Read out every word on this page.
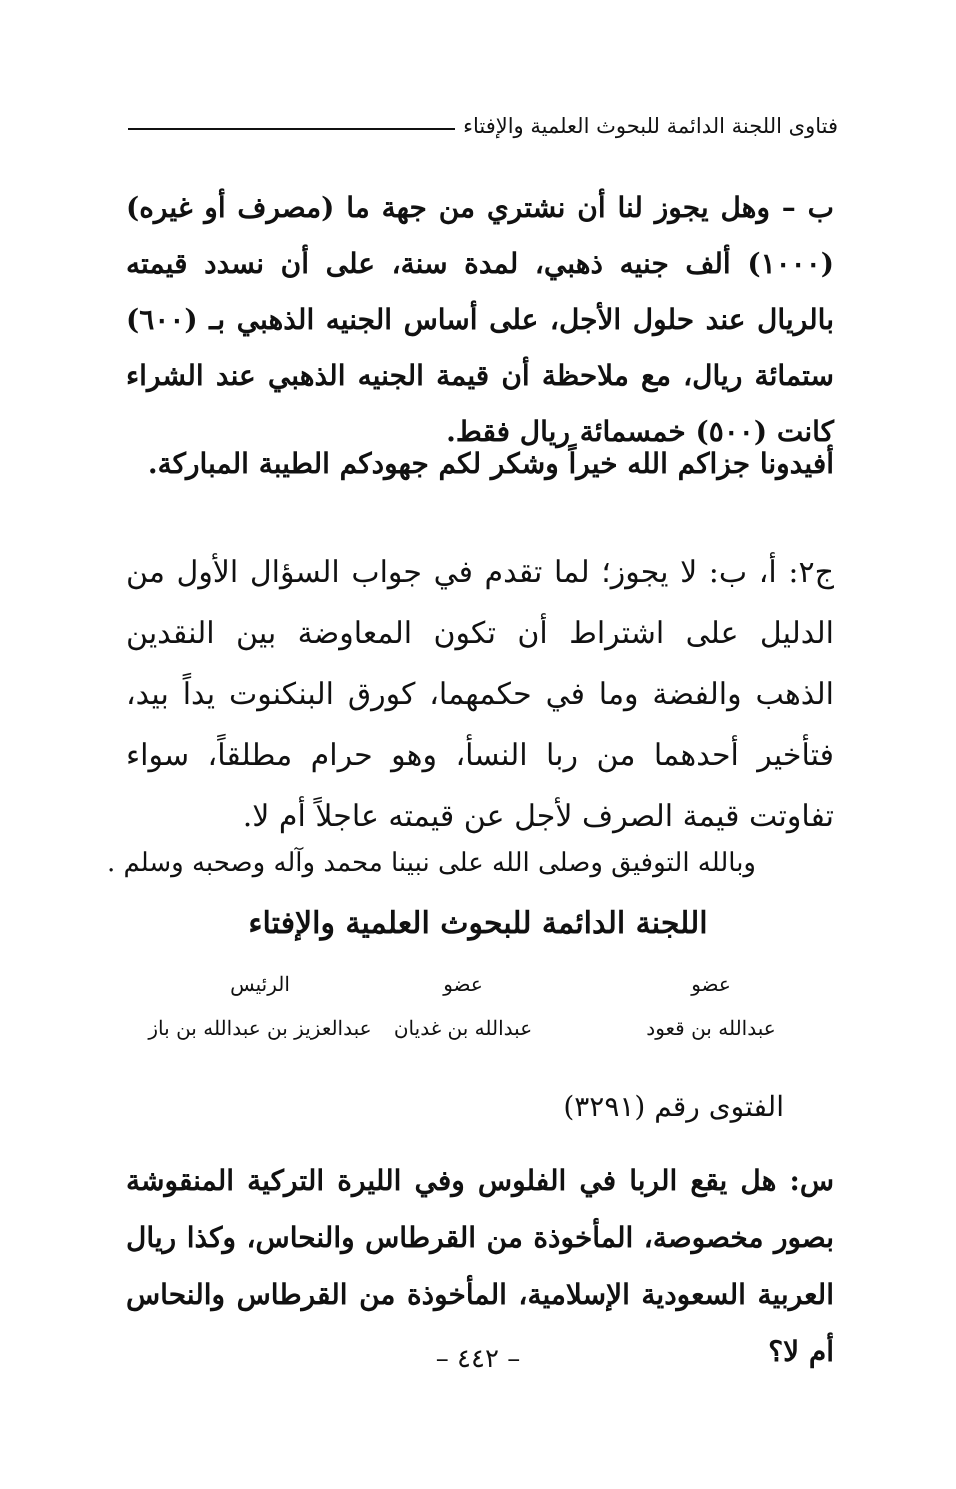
فتاوى اللجنة الدائمة للبحوث العلمية والإفتاء

ب – وهل يجوز لنا أن نشتري من جهة ما (مصرف أو غيره) (١٠٠٠) ألف جنيه ذهبي، لمدة سنة، على أن نسدد قيمته بالريال عند حلول الأجل، على أساس الجنيه الذهبي بـ (٦٠٠) ستمائة ريال، مع ملاحظة أن قيمة الجنيه الذهبي عند الشراء كانت (٥٠٠) خمسمائة ريال فقط.

أفيدونا جزاكم الله خيراً وشكر لكم جهودكم الطيبة المباركة.

ج٢: أ، ب: لا يجوز؛ لما تقدم في جواب السؤال الأول من الدليل على اشتراط أن تكون المعاوضة بين النقدين الذهب والفضة وما في حكمهما، كورق البنكنوت يداً بيد، فتأخير أحدهما من ربا النسأ، وهو حرام مطلقاً، سواء تفاوتت قيمة الصرف لأجل عن قيمته عاجلاً أم لا.

وبالله التوفيق وصلى الله على نبينا محمد وآله وصحبه وسلم .
اللجنة الدائمة للبحوث العلمية والإفتاء
عضو
عبدالله بن قعود
عضو
عبدالله بن غديان
الرئيس
عبدالعزيز بن عبدالله بن باز
الفتوى رقم (٣٢٩١)

س: هل يقع الربا في الفلوس وفي الليرة التركية المنقوشة بصور مخصوصة، المأخوذة من القرطاس والنحاس، وكذا ريال العربية السعودية الإسلامية، المأخوذة من القرطاس والنحاس أم لا؟

– ٤٤٢ –
